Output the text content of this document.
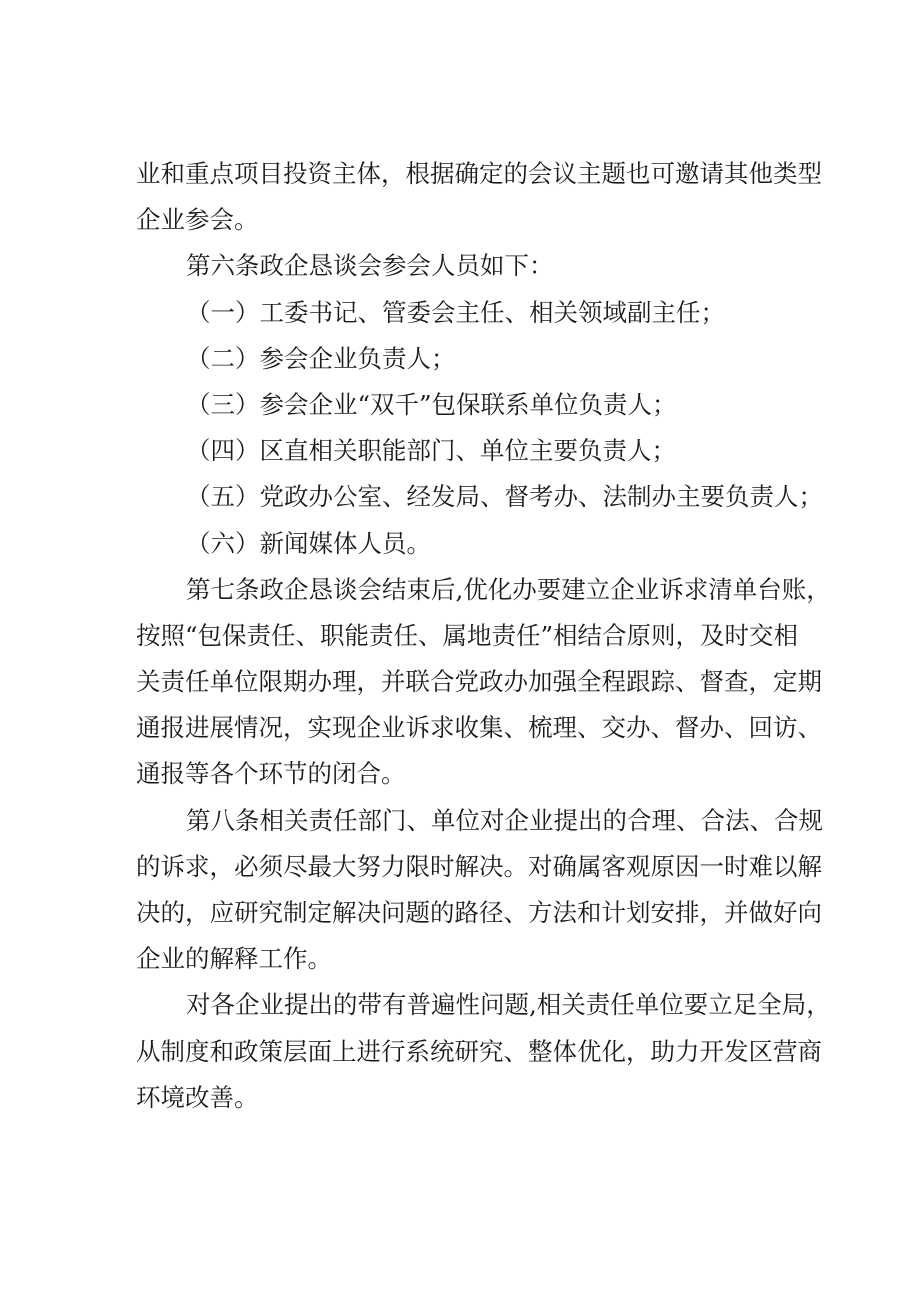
业和重点项目投资主体，根据确定的会议主题也可邀请其他类型
企业参会。
第六条政企恳谈会参会人员如下：
（一）工委书记、管委会主任、相关领域副主任；
（二）参会企业负责人；
（三）参会企业“双千”包保联系单位负责人；
（四）区直相关职能部门、单位主要负责人；
（五）党政办公室、经发局、督考办、法制办主要负责人；
（六）新闻媒体人员。
第七条政企恳谈会结束后,优化办要建立企业诉求清单台账，
按照“包保责任、职能责任、属地责任”相结合原则，及时交相
关责任单位限期办理，并联合党政办加强全程跟踪、督查，定期
通报进展情况，实现企业诉求收集、梳理、交办、督办、回访、
通报等各个环节的闭合。
第八条相关责任部门、单位对企业提出的合理、合法、合规
的诉求，必须尽最大努力限时解决。对确属客观原因一时难以解
决的，应研究制定解决问题的路径、方法和计划安排，并做好向
企业的解释工作。
对各企业提出的带有普遍性问题,相关责任单位要立足全局，
从制度和政策层面上进行系统研究、整体优化，助力开发区营商
环境改善。
